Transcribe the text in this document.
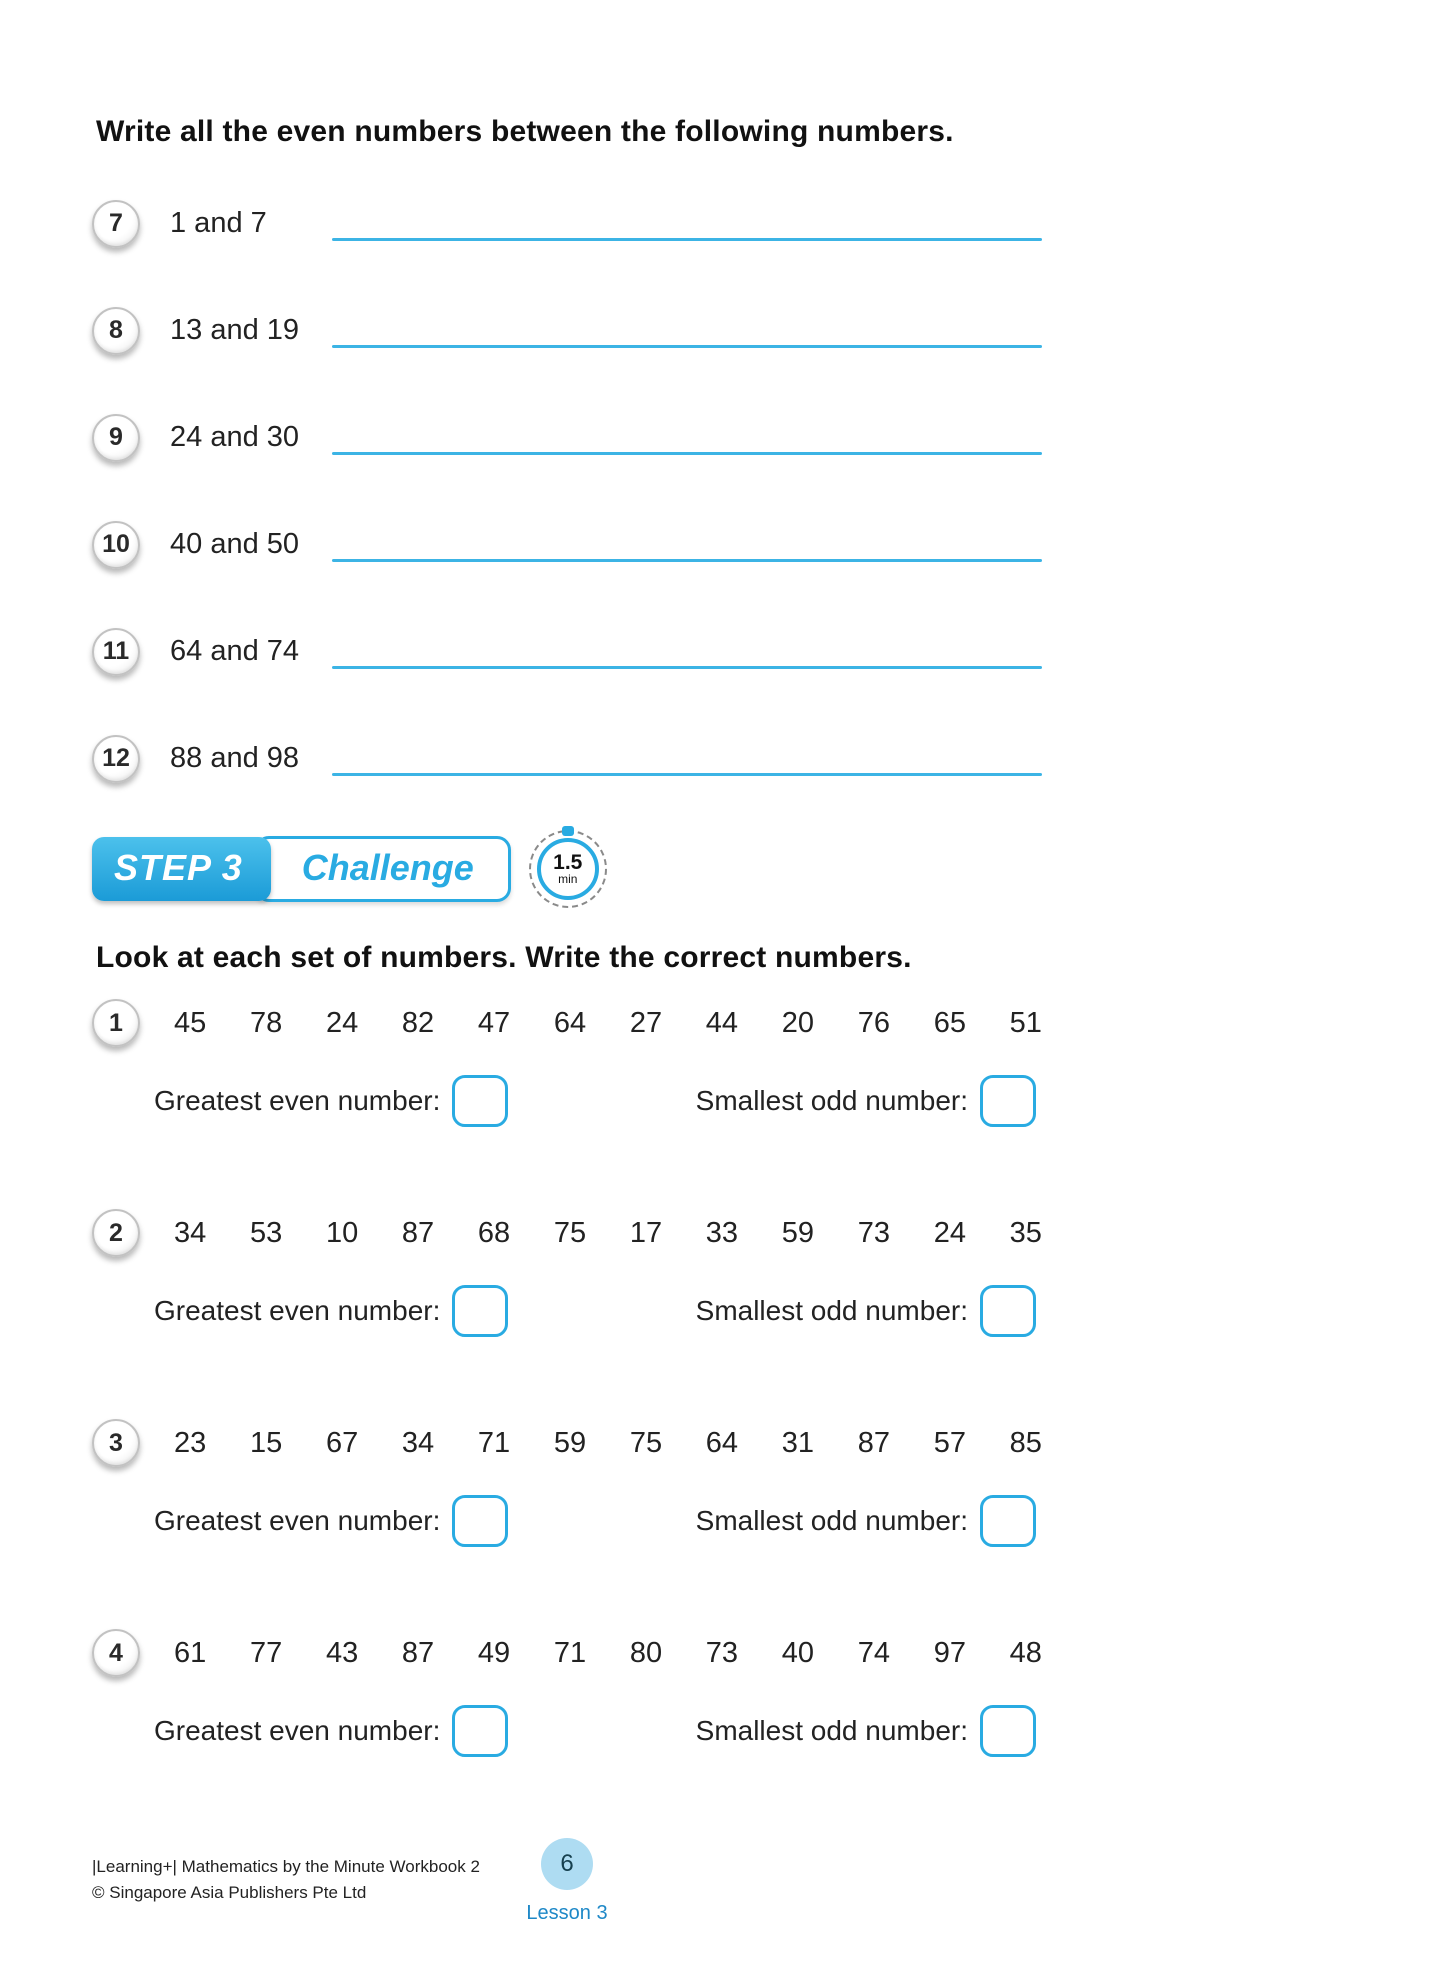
Write all the even numbers between the following numbers.
7	1 and 7
8	13 and 19
9	24 and 30
10	40 and 50
11	64 and 74
12	88 and 98
STEP 3	Challenge	1.5
min
Look at each set of numbers. Write the correct numbers.
1	45 78 24 82 47 64 27 44 20 76 65 51
Greatest even number:	Smallest odd number:
2	34 53 10 87 68 75 17 33 59 73 24 35
Greatest even number:	Smallest odd number:
3	23 15 67 34 71 59 75 64 31 87 57 85
Greatest even number:	Smallest odd number:
4	61 77 43 87 49 71 80 73 40 74 97 48
Greatest even number:	Smallest odd number:
|Learning+| Mathematics by the Minute Workbook 2
© Singapore Asia Publishers Pte Ltd
6
Lesson 3
